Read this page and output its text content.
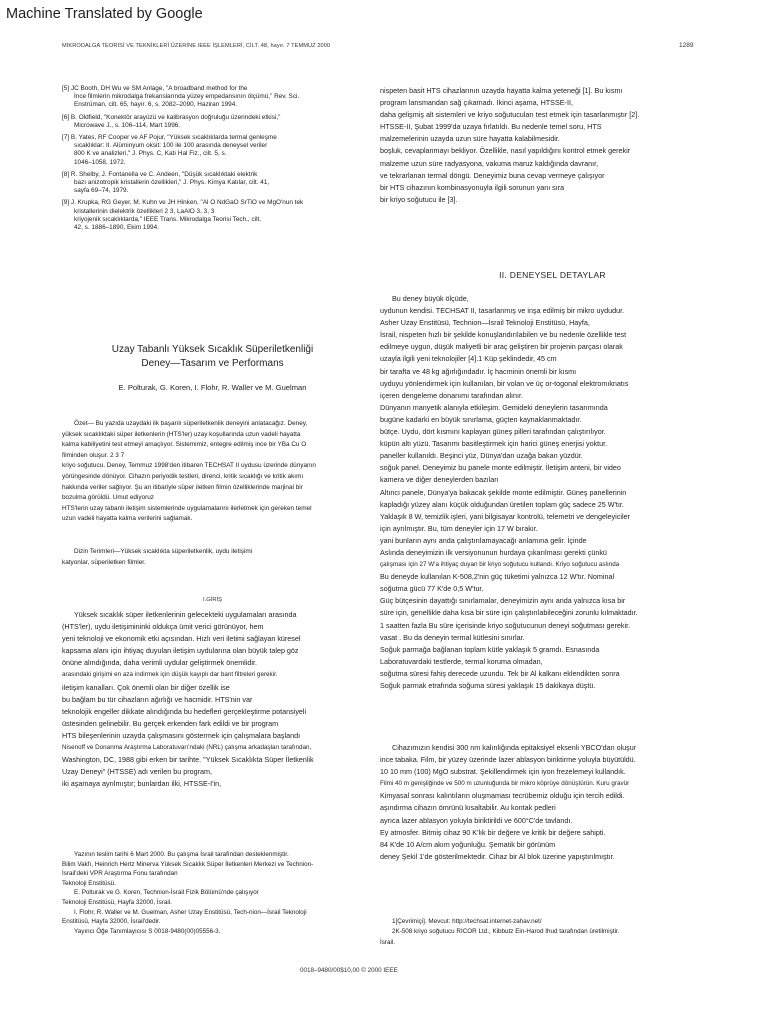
Machine Translated by Google
MİKRODALGA TEORİSİ VE TEKNİKLERİ ÜZERİNE IEEE İŞLEMLERİ, CİLT. 48, hayır. 7 TEMMUZ 2000	1289
[5] JC Booth, DH Wu ve SM Anlage, "A broadband method for the
İnce filmlerin mikrodalga frekanslarında yüzey empedansının ölçümü," Rev. Sci.
Enstrüman, cilt. 65, hayır. 6, s. 2082–2090, Haziran 1994.
[6] B. Oldfield, "Konektör arayüzü ve kalibrasyon doğruluğu üzerindeki etkisi,"
Microwave J., s. 106–114, Mart 1996.
[7] B. Yates, RF Cooper ve AF Pojur, "Yüksek sıcaklıklarda termal genleşme
sıcaklıklar: II. Alüminyum oksit: 100 ile 100 arasında deneysel veriler
800 K ve analizleri," J. Phys. C, Katı Hal Fiz., cilt. 5, s.
1046–1058, 1972.
[8] R. Shelby, J. Fontanella ve C. Andeen, "Düşük sıcaklıktaki elektrik
bazı anizotropik kristallerin özellikleri," J. Phys. Kimya Katılar, cilt. 41,
sayfa 69–74, 1979.
[9] J. Krupka, RG Geyer, M. Kuhn ve JH Hinken, "Al O NdGaO SrTiO ve MgO'nun tek
kristallerinin dielektrik özellikleri 2 3, LaAlO 3, 3, 3
kriyojenik sıcaklıklarda," IEEE Trans. Mikrodalga Teorisi Tech., cilt.
42, s. 1886–1890, Ekim 1994.
Uzay Tabanlı Yüksek Sıcaklık Süperiletkenliği
Deney—Tasarım ve Performans
E. Polturak, G. Koren, I. Flohr, R. Waller ve M. Guelman
Özet— Bu yazıda uzaydaki ilk başarılı süperiletkenlik deneyini anlatacağız. Deney,
yüksek sıcaklıktaki süper iletkenlerin (HTS'ler) uzay koşullarında uzun vadeli hayatta
kalma kabiliyetini test etmeyi amaçlıyor. Sistemimiz, entegre edilmiş ince bir YBa Cu O
filminden oluşur. 2 3 7
kriyo soğutucu. Deney, Temmuz 1998'den itibaren TECHSAT II uydusu üzerinde dünyanın
yörüngesinde dönüyor. Cihazın periyodik testleri, direnci, kritik sıcaklığı ve kritik akımı
hakkında veriler sağlıyor. Şu an itibariyle süper iletken filmin özelliklerinde marjinal bir
bozulma görüldü. Umut ediyoruz
HTS'lerin uzay tabanlı iletişim sistemlerinde uygulamalarını ilerletmek için gereken temel
uzun vadeli hayatta kalma verilerini sağlamak.
Dizin Terimleri—Yüksek sıcaklıkta süperiletkenlik, uydu iletişimi
katyonlar, süperiletken filmler.
I.GİRİŞ
Yüksek sıcaklık süper iletkenlerinin gelecekteki uygulamaları arasında
(HTS'ler), uydu iletişimininki oldukça ümit verici görünüyor, hem
yeni teknoloji ve ekonomik etki açısından. Hızlı veri iletimi sağlayan küresel
kapsama alanı için ihtiyaç duyulan iletişim uydularına olan büyük talep göz
önüne alındığında, daha verimli uydular geliştirmek önemlidir.
arasındaki girişimi en aza indirmek için düşük kayıplı dar bant filtreleri gerekir.
iletişim kanalları. Çok önemli olan bir diğer özellik ise
bu bağlam bu tür cihazların ağırlığı ve hacmidir. HTS'nin var
teknolojik engeller dikkate alındığında bu hedefleri gerçekleştirme potansiyeli
üstesinden gelinebilir. Bu gerçek erkenden fark edildi ve bir program
HTS bileşenlerinin uzayda çalışmasını göstermek için çalışmalara başlandı
Nisenoff ve Donanma Araştırma Laboratuvarı'ndaki (NRL) çalışma arkadaşları tarafından,
Washington, DC, 1988 gibi erken bir tarihte. "Yüksek Sıcaklıkta Süper İletkenlik
Uzay Deneyi" (HTSSE) adı verilen bu program,
iki aşamaya ayrılmıştır; bunlardan ilki, HTSSE-I'in,
Yazının teslim tarihi 6 Mart 2000. Bu çalışma İsrail tarafından desteklenmiştir.
Bilim Vakfı, Heinrich Hertz Minerva Yüksek Sıcaklık Süper İletkenleri Merkezi ve Technion-
İsrail'deki VPR Araştırma Fonu tarafından
Teknoloji Enstitüsü.
E. Polturak ve G. Koren, Technion-İsrail Fizik Bölümü'nde çalışıyor
Teknoloji Enstitüsü, Hayfa 32000, İsrail.
I. Flohr, R. Waller ve M. Guelman, Asher Uzay Enstitüsü, Tech-nion—İsrail Teknoloji
Enstitüsü, Hayfa 32000, İsrail'dedir.
Yayıncı Öğe Tanımlayıcısı S 0018-9480(00)05556-3.
nispeten basit HTS cihazlarının uzayda hayatta kalma yeteneği [1]. Bu kısmı
program lansmandan sağ çıkamadı. İkinci aşama, HTSSE-II,
daha gelişmiş alt sistemleri ve kriyo soğutucuları test etmek için tasarlanmıştır [2].
HTSSE-II, Şubat 1999'da uzaya fırlatıldı. Bu nedenle temel soru, HTS
malzemelerinin uzayda uzun süre hayatta kalabilmesidir.
boşluk, cevaplanmayı bekliyor. Özellikle, nasıl yapıldığını kontrol etmek gerekir
malzeme uzun süre radyasyona, vakuma maruz kaldığında davranır,
ve tekrarlanan termal döngü. Deneyimiz buna cevap vermeye çalışıyor
bir HTS cihazının kombinasyonuyla ilgili sorunun yanı sıra
bir kriyo soğutucu ile [3].
II. DENEYSEL DETAYLAR
Bu deney büyük ölçüde,
uydunun kendisi. TECHSAT II, tasarlanmış ve inşa edilmiş bir mikro uydudur.
Asher Uzay Enstitüsü, Technion—İsrail Teknoloji Enstitüsü, Hayfa,
İsrail, nispeten hızlı bir şekilde konuşlandırılabilen ve bu nedenle özellikle test
edilmeye uygun, düşük maliyetli bir araç geliştiren bir projenin parçası olarak
uzayla ilgili yeni teknolojiler [4].1 Küp şeklindedir, 45 cm
bir tarafta ve 48 kg ağırlığındadır. İç hacminin önemli bir kısmı
uyduyu yönlendirmek için kullanılan, bir volan ve üç or-togonal elektromıknatıs
içeren dengeleme donanımı tarafından alınır.
Dünyanın manyetik alanıyla etkileşim. Gemideki deneylerin tasarımında
bugüne kadarki en büyük sınırlama, güçten kaynaklanmaktadır.
bütçe. Uydu, dört kısmını kaplayan güneş pilleri tarafından çalıştırılıyor.
küpün altı yüzü. Tasarımı basitleştirmek için harici güneş enerjisi yoktur.
paneller kullanıldı. Beşinci yüz, Dünya'dan uzağa bakan yüzdür.
soğuk panel. Deneyimiz bu panele monte edilmiştir. İletişim anteni, bir video
kamera ve diğer deneylerden bazıları
Altıncı panele, Dünya'ya bakacak şekilde monte edilmiştir. Güneş panellerinin
kapladığı yüzey alanı küçük olduğundan üretilen toplam güç sadece 25 W'tır.
Yaklaşık 8 W, temizlik işleri, yani bilgisayar kontrolü, telemetri ve dengeleyiciler
için ayrılmıştır. Bu, tüm deneyler için 17 W bırakır.
yani bunların aynı anda çalıştırılamayacağı anlamına gelir. İçinde
Aslında deneyimizin ilk versiyonunun hurdaya çıkarılması gerekti çünkü
çalışması için 27 W'a ihtiyaç duyan bir kriyo soğutucu kullandı. Kriyo soğutucu aslında
Bu deneyde kullanılan K-508,2'nin güç tüketimi yalnızca 12 W'tır. Nominal
soğutma gücü 77 K'de 0,5 W'tur.
Güç bütçesinin dayattığı sınırlamalar, deneyimizin aynı anda yalnızca kısa bir
süre için, genellikle daha kısa bir süre için çalıştırılabileceğini zorunlu kılmaktadır.
1 saatten fazla Bu süre içerisinde kriyo soğutucunun deneyi soğutması gerekir.
vasat . Bu da deneyin termal kütlesini sınırlar.
Soğuk parmağa bağlanan toplam kütle yaklaşık 5 gramdı. Esnasında
Laboratuvardaki testlerde, termal koruma olmadan,
soğutma süresi fahiş derecede uzundu. Tek bir Al kalkanı eklendikten sonra
Soğuk parmak etrafında soğuma süresi yaklaşık 15 dakikaya düştü.
Cihazımızın kendisi 300 nm kalınlığında epitaksiyel eksenli YBCO'dan oluşur
ince tabaka. Film, bir yüzey üzerinde lazer ablasyon biriktirme yoluyla büyütüldü.
10 10 mm (100) MgO substrat. Şekillendirmek için iyon frezelemeyi kullandık.
Filmi 40 m genişliğinde ve 500 m uzunluğunda bir mikro köprüye dönüştürün. Kuru gravür
Kimyasal sonrası kalıntıların oluşmaması tecrübemiz olduğu için tercih edildi.
aşındırma cihazın ömrünü kısaltabilir. Au kontak pedleri
ayrıca lazer ablasyon yoluyla biriktirildi ve 600°C'de tavlandı.
Ey atmosfer. Bitmiş cihaz 90 K'lık bir değere ve kritik bir değere sahipti.
84 K'de 10 A/cm akım yoğunluğu. Şematik bir görünüm
deney Şekil 1'de gösterilmektedir. Cihaz bir Al blok üzerine yapıştırılmıştır.
1[Çevrimiçi]. Mevcut: http://techsat.internet-zahav.net/
2K-508 kriyo soğutucu RICOR Ltd., Kibbutz Ein-Harod Ihud tarafından üretilmiştir.
İsrail.
0018–9480/00$10,00 © 2000 IEEE
